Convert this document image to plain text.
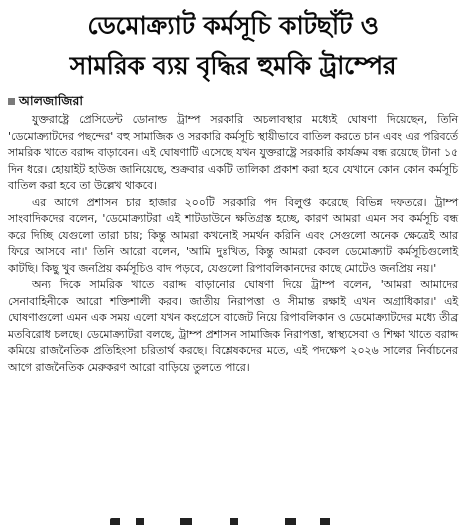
ডেমোক্র্যাট কর্মসূচি কাটছাঁট ও
সামরিক ব্যয় বৃদ্ধির হুমকি ট্রাম্পের
আলজাজিরা

যুক্তরাষ্ট্রে প্রেসিডেন্ট ডোনাল্ড ট্রাম্প সরকারি অচলাবস্থার মধ্যেই ঘোষণা দিয়েছেন, তিনি 'ডেমোক্র্যাটদের পছন্দের' বহু সামাজিক ও সরকারি কর্মসূচি স্থায়ীভাবে বাতিল করতে চান এবং এর পরিবর্তে সামরিক খাতে বরাদ্দ বাড়াবেন। এই ঘোষণাটি এসেছে যখন যুক্তরাষ্ট্রে সরকারি কার্যক্রম বন্ধ রয়েছে টানা ১৫ দিন ধরে। হোয়াইট হাউজ জানিয়েছে, শুক্রবার একটি তালিকা প্রকাশ করা হবে যেখানে কোন কোন কর্মসূচি বাতিল করা হবে তা উল্লেখ থাকবে।

এর আগে প্রশাসন চার হাজার ২০০টি সরকারি পদ বিলুপ্ত করেছে বিভিন্ন দফতরে। ট্রাম্প সাংবাদিকদের বলেন, 'ডেমোক্র্যাটরা এই শাটডাউনে ক্ষতিগ্রস্ত হচ্ছে, কারণ আমরা এমন সব কর্মসূচি বন্ধ করে দিচ্ছি যেগুলো তারা চায়; কিন্তু আমরা কখনোই সমর্থন করিনি এবং সেগুলো অনেক ক্ষেত্রেই আর ফিরে আসবে না।' তিনি আরো বলেন, 'আমি দুঃখিত, কিন্তু আমরা কেবল ডেমোক্র্যাট কর্মসূচিগুলোই কাটছি। কিছু খুব জনপ্রিয় কর্মসূচিও বাদ পড়বে, যেগুলো রিপাবলিকানদের কাছে মোটেও জনপ্রিয় নয়।'

অন্য দিকে সামরিক খাতে বরাদ্দ বাড়ানোর ঘোষণা দিয়ে ট্রাম্প বলেন, 'আমরা আমাদের সেনাবাহিনীকে আরো শক্তিশালী করব। জাতীয় নিরাপত্তা ও সীমান্ত রক্ষাই এখন অগ্রাধিকার।' এই ঘোষণাগুলো এমন এক সময় এলো যখন কংগ্রেসে বাজেট নিয়ে রিপাবলিকান ও ডেমোক্র্যাটদের মধ্যে তীব্র মতবিরোধ চলছে। ডেমোক্র্যাটরা বলছে, ট্রাম্প প্রশাসন সামাজিক নিরাপত্তা, স্বাস্থ্যসেবা ও শিক্ষা খাতে বরাদ্দ কমিয়ে রাজনৈতিক প্রতিহিংসা চরিতার্থ করছে। বিশ্লেষকদের মতে, এই পদক্ষেপ ২০২৬ সালের নির্বাচনের আগে রাজনৈতিক মেরুকরণ আরো বাড়িয়ে তুলতে পারে।
